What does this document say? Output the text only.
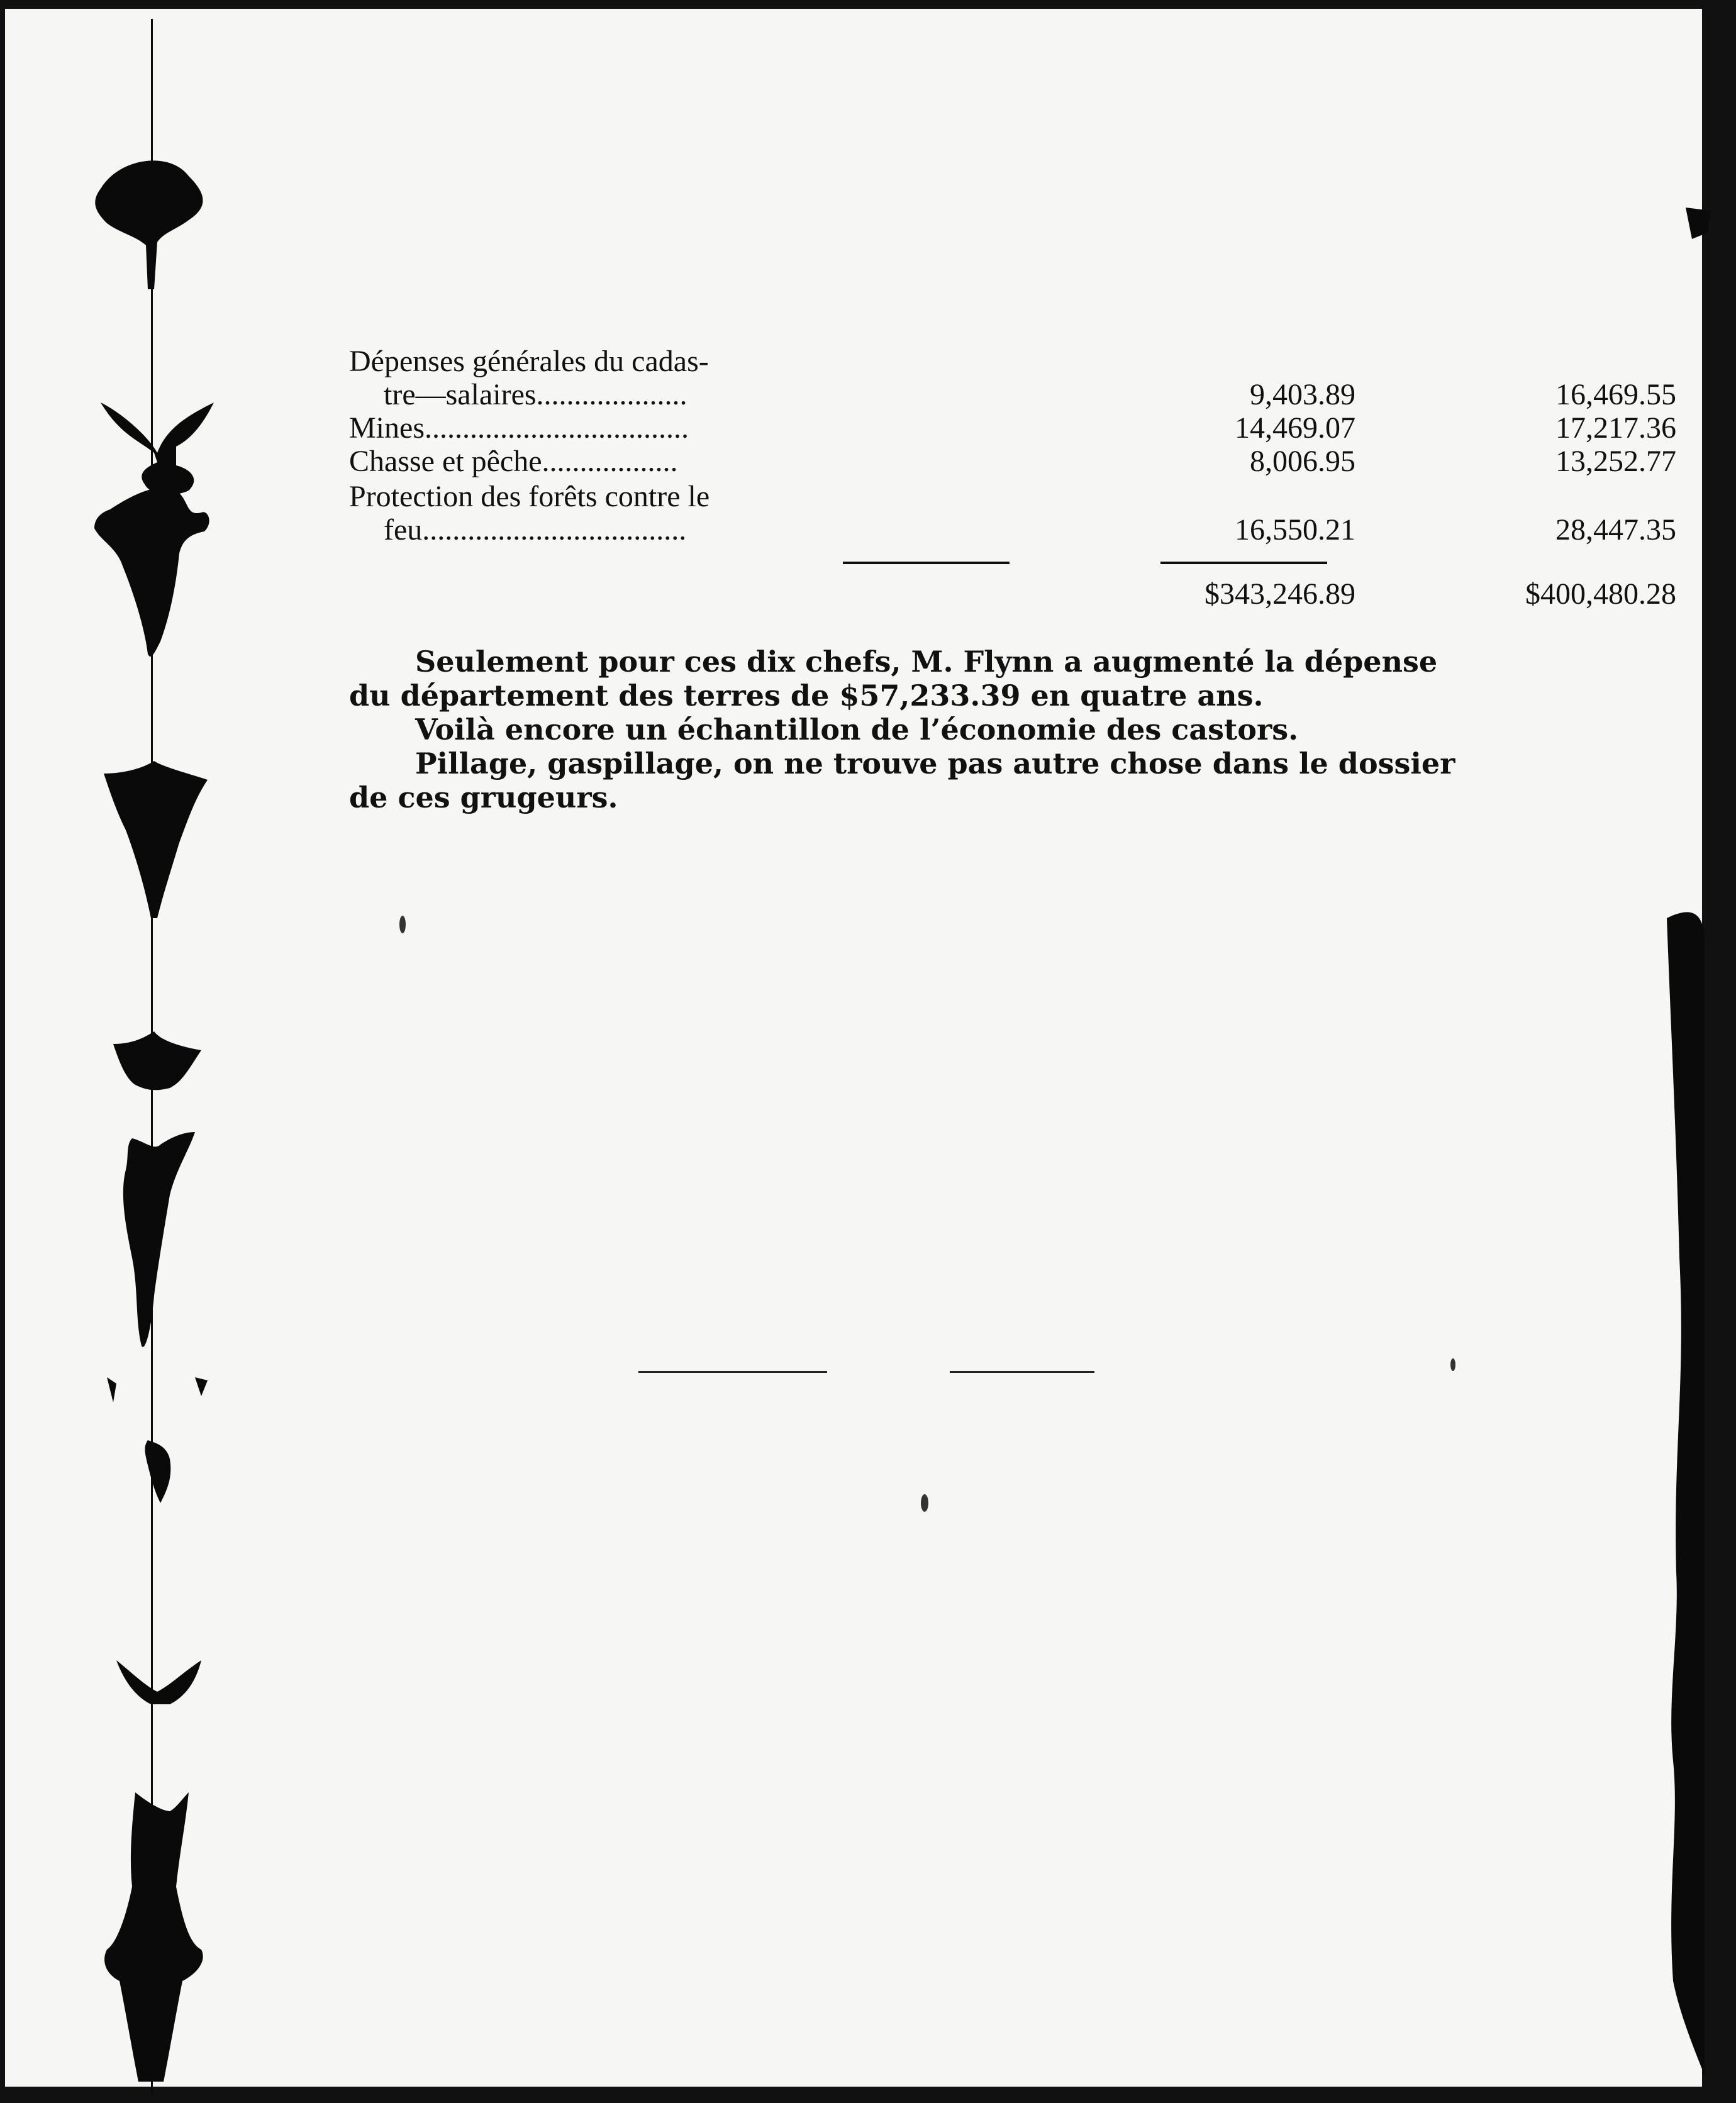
Dépenses générales du cadas-
tre—salaires....................	9,403.89	16,469.55
Mines...................................	14,469.07	17,217.36
Chasse et pêche..................	8,006.95	13,252.77
Protection des forêts contre le
feu...................................	16,550.21	28,447.35
$343,246.89	$400,480.28
Seulement pour ces dix chefs, M. Flynn a augmenté la dépense
du département des terres de $57,233.39 en quatre ans.
Voilà encore un échantillon de l’économie des castors.
Pillage, gaspillage, on ne trouve pas autre chose dans le dossier
de ces grugeurs.
